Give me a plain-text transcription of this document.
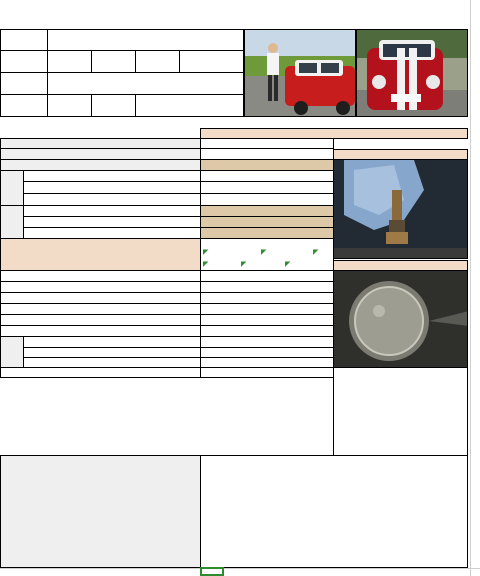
◤	◤	◤
◤	◤	◤
